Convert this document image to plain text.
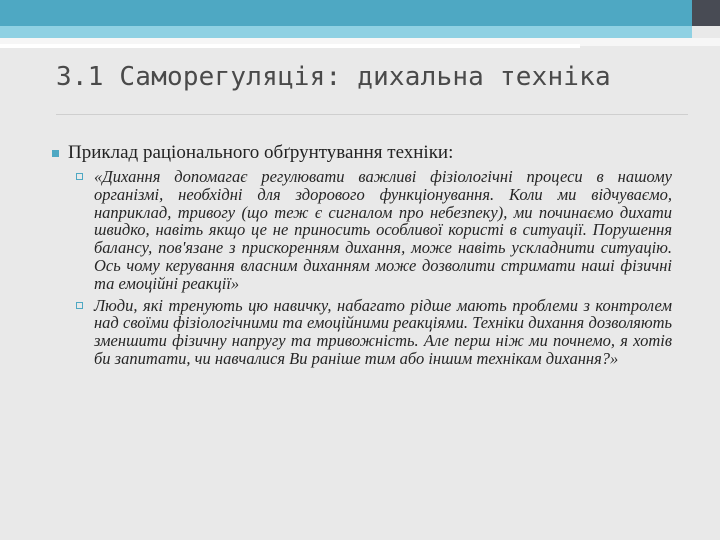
3.1 Саморегуляція: дихальна техніка
Приклад раціонального обґрунтування техніки:
«Дихання допомагає регулювати важливі фізіологічні процеси в нашому організмі, необхідні для здорового функціонування. Коли ми відчуваємо, наприклад, тривогу (що теж є сигналом про небезпеку), ми починаємо дихати швидко, навіть якщо це не приносить особливої користі в ситуації. Порушення балансу, пов'язане з прискоренням дихання, може навіть ускладнити ситуацію. Ось чому керування власним диханням може дозволити стримати наші фізичні та емоційні реакції»
Люди, які тренують цю навичку, набагато рідше мають проблеми з контролем над своїми фізіологічними та емоційними реакціями. Техніки дихання дозволяють зменшити фізичну напругу та тривожність. Але перш ніж ми почнемо, я хотів би запитати, чи навчалися Ви раніше тим або іншим технікам дихання?»
